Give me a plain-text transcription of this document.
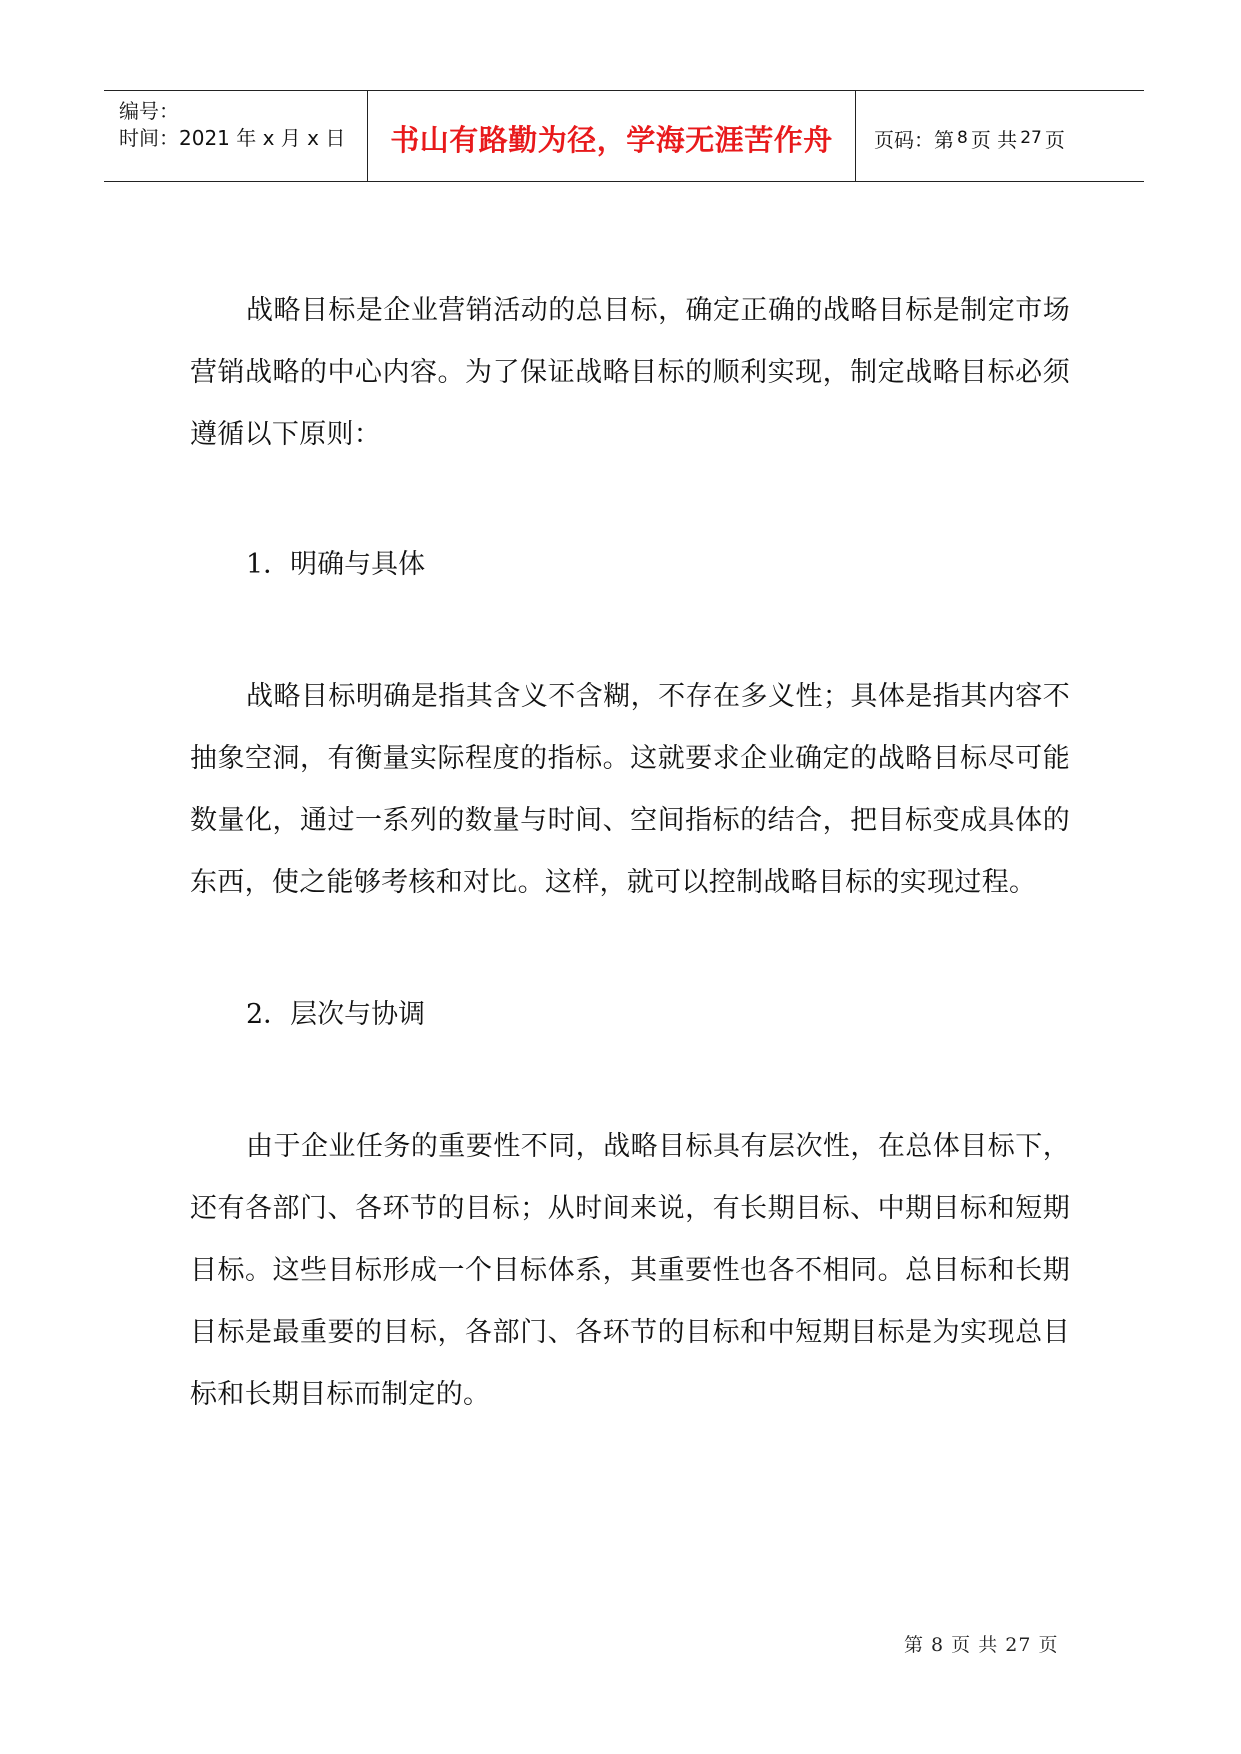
编号：
时间：2021 年 x 月 x 日 书山有路勤为径，学海无涯苦作舟 页码：第 8 页 共 27 页

战略目标是企业营销活动的总目标，确定正确的战略目标是制定市场营销战略的中心内容。为了保证战略目标的顺利实现，制定战略目标必须遵循以下原则：

1．明确与具体

战略目标明确是指其含义不含糊，不存在多义性；具体是指其内容不抽象空洞，有衡量实际程度的指标。这就要求企业确定的战略目标尽可能数量化，通过一系列的数量与时间、空间指标的结合，把目标变成具体的东西，使之能够考核和对比。这样，就可以控制战略目标的实现过程。

2．层次与协调

由于企业任务的重要性不同，战略目标具有层次性，在总体目标下，还有各部门、各环节的目标；从时间来说，有长期目标、中期目标和短期目标。这些目标形成一个目标体系，其重要性也各不相同。总目标和长期目标是最重要的目标，各部门、各环节的目标和中短期目标是为实现总目标和长期目标而制定的。

第 8 页 共 27 页
